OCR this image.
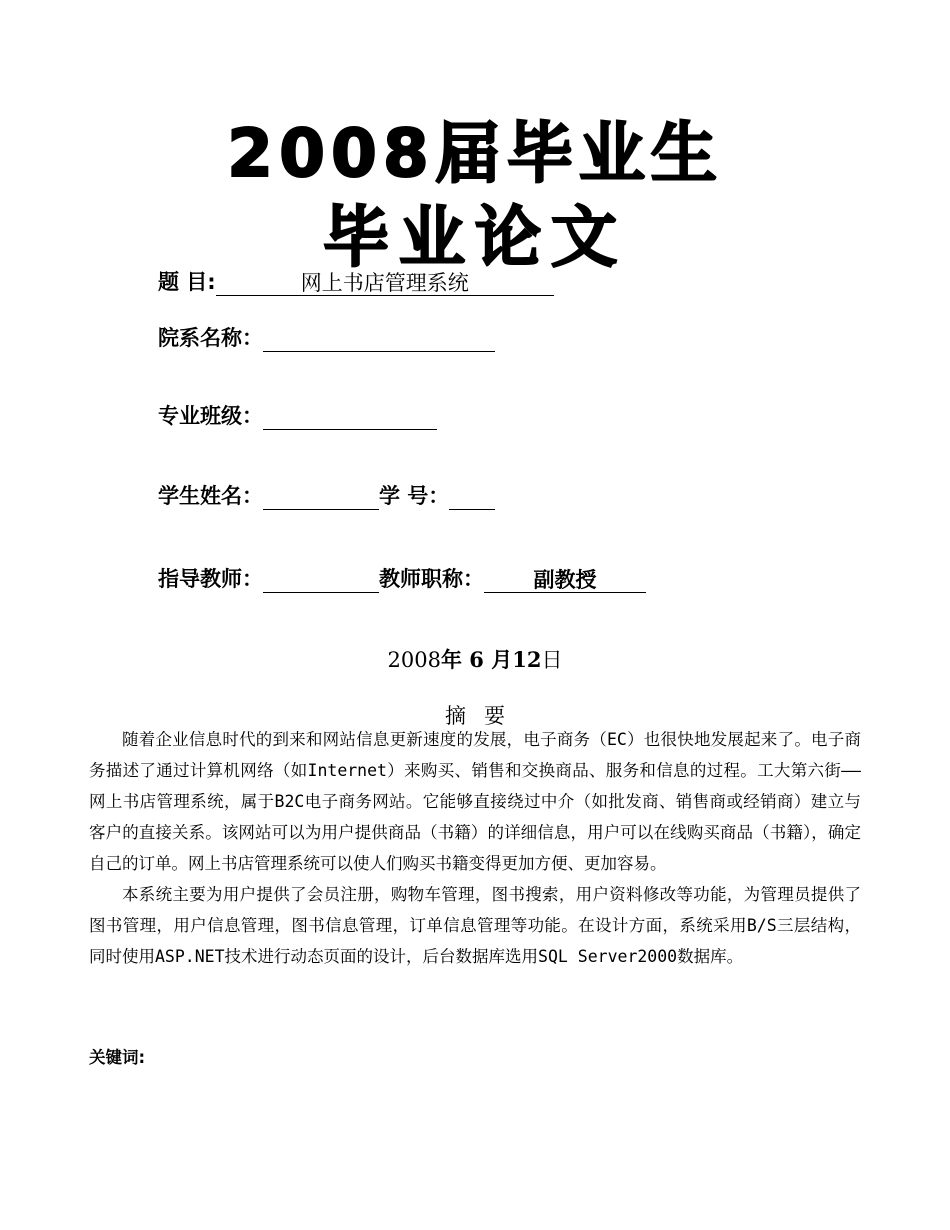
2008届毕业生
毕业论文
题 目:	网上书店管理系统
院系名称：
专业班级：
学生姓名：	学 号：
指导教师：	教师职称：	副教授
2008年 6 月12日
摘要

随着企业信息时代的到来和网站信息更新速度的发展，电子商务（EC）也很快地发展起来了。电子商务描述了通过计算机网络（如Internet）来购买、销售和交换商品、服务和信息的过程。工大第六街——网上书店管理系统，属于B2C电子商务网站。它能够直接绕过中介（如批发商、销售商或经销商）建立与客户的直接关系。该网站可以为用户提供商品（书籍）的详细信息，用户可以在线购买商品（书籍），确定自己的订单。网上书店管理系统可以使人们购买书籍变得更加方便、更加容易。

本系统主要为用户提供了会员注册，购物车管理，图书搜索，用户资料修改等功能，为管理员提供了图书管理，用户信息管理，图书信息管理，订单信息管理等功能。在设计方面，系统采用B/S三层结构，同时使用ASP.NET技术进行动态页面的设计，后台数据库选用SQL Server2000数据库。

关键词:
